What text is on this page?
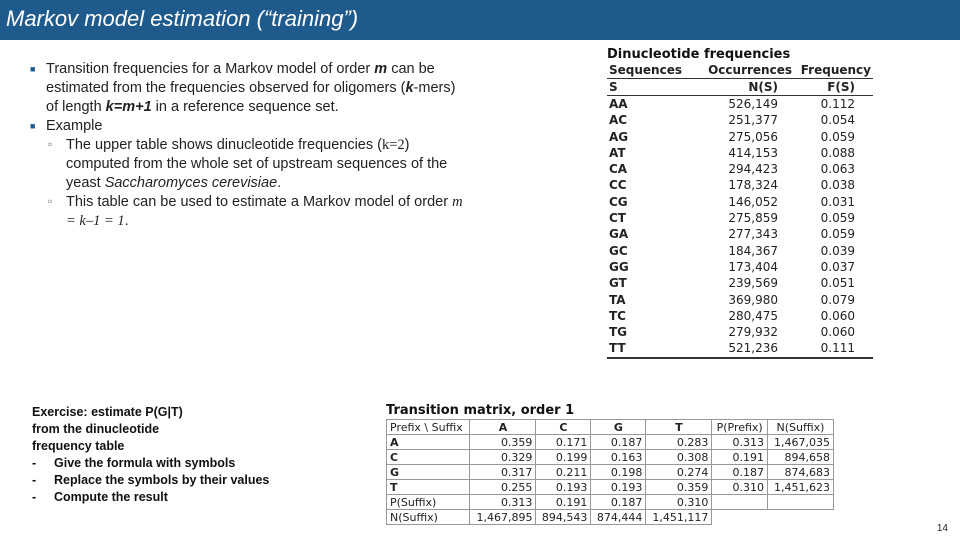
Markov model estimation (“training”)
■ Transition frequencies for a Markov model of order m can be estimated from the frequencies observed for oligomers (k-mers) of length k=m+1 in a reference sequence set.
■ Example
▫ The upper table shows dinucleotide frequencies (k=2) computed from the whole set of upstream sequences of the yeast Saccharomyces cerevisiae.
▫ This table can be used to estimate a Markov model of order m = k–1 = 1.
Dinucleotide frequencies
Sequences	Occurrences	Frequency
S	N(S)	F(S)
AA	526,149	0.112
AC	251,377	0.054
AG	275,056	0.059
AT	414,153	0.088
CA	294,423	0.063
CC	178,324	0.038
CG	146,052	0.031
CT	275,859	0.059
GA	277,343	0.059
GC	184,367	0.039
GG	173,404	0.037
GT	239,569	0.051
TA	369,980	0.079
TC	280,475	0.060
TG	279,932	0.060
TT	521,236	0.111
Exercise: estimate P(G|T)
from the dinucleotide
frequency table
- Give the formula with symbols
- Replace the symbols by their values
- Compute the result
Transition matrix, order 1
Prefix \ Suffix	A	C	G	T	P(Prefix)	N(Suffix)
A	0.359	0.171	0.187	0.283	0.313	1,467,035
C	0.329	0.199	0.163	0.308	0.191	894,658
G	0.317	0.211	0.198	0.274	0.187	874,683
T	0.255	0.193	0.193	0.359	0.310	1,451,623
P(Suffix)	0.313	0.191	0.187	0.310		
N(Suffix)	1,467,895	894,543	874,444	1,451,117		
14
